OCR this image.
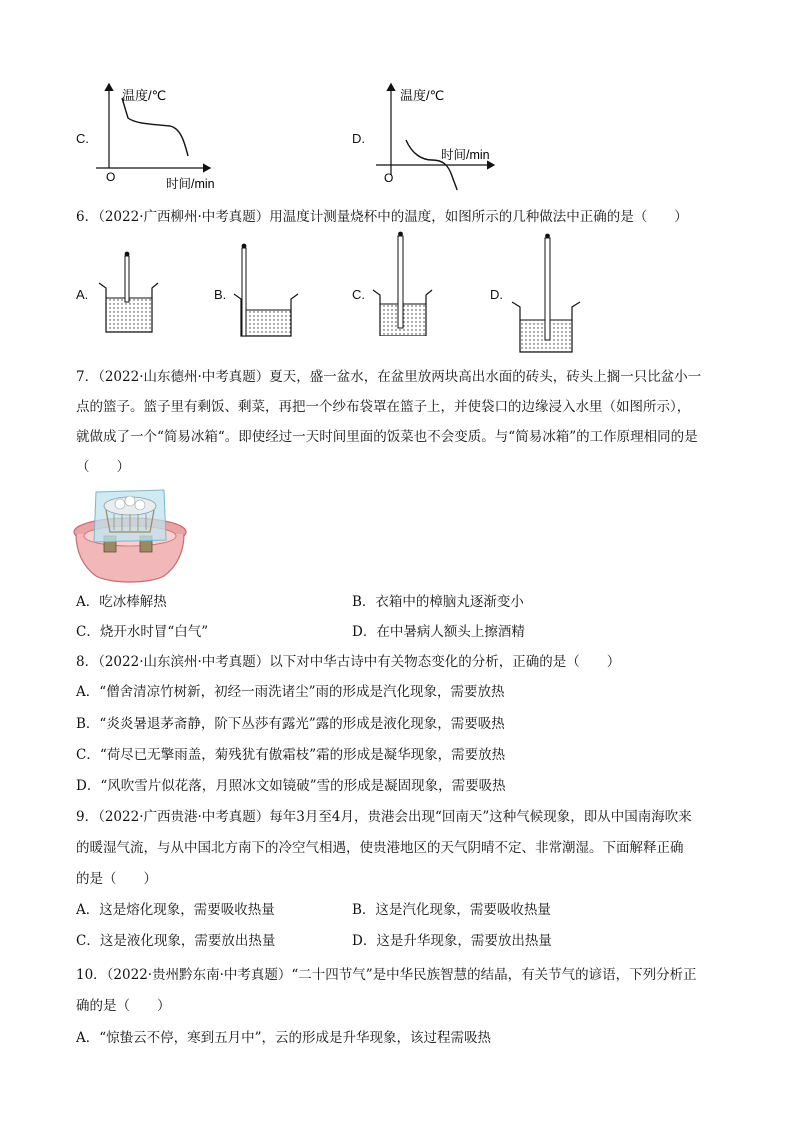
C.
温度/℃
O	时间/min
D.
温度/℃
O
时间/min
6．（2022·广西柳州·中考真题）用温度计测量烧杯中的温度，如图所示的几种做法中正确的是（　　）
A.	B.	C.	D.
7．（2022·山东德州·中考真题）夏天，盛一盆水，在盆里放两块高出水面的砖头，砖头上搁一只比盆小一
点的篮子。篮子里有剩饭、剩菜，再把一个纱布袋罩在篮子上，并使袋口的边缘浸入水里（如图所示），
就做成了一个“简易冰箱“。即使经过一天时间里面的饭菜也不会变质。与“简易冰箱”的工作原理相同的是
（　　）
A．吃冰棒解热	B．衣箱中的樟脑丸逐渐变小
C．烧开水时冒“白气”	D．在中暑病人额头上擦酒精
8．（2022·山东滨州·中考真题）以下对中华古诗中有关物态变化的分析，正确的是（　　）
A．“僧舍清凉竹树新，初经一雨洗诸尘”雨的形成是汽化现象，需要放热
B．“炎炎暑退茅斋静，阶下丛莎有露光”露的形成是液化现象，需要吸热
C．“荷尽已无擎雨盖，菊残犹有傲霜枝”霜的形成是凝华现象，需要放热
D．“风吹雪片似花落，月照冰文如镜破”雪的形成是凝固现象，需要吸热
9．（2022·广西贵港·中考真题）每年3月至4月，贵港会出现“回南天”这种气候现象，即从中国南海吹来
的暖湿气流，与从中国北方南下的冷空气相遇，使贵港地区的天气阴晴不定、非常潮湿。下面解释正确
的是（　　）
A．这是熔化现象，需要吸收热量	B．这是汽化现象，需要吸收热量
C．这是液化现象，需要放出热量	D．这是升华现象，需要放出热量
10．（2022·贵州黔东南·中考真题）“二十四节气”是中华民族智慧的结晶，有关节气的谚语，下列分析正
确的是（　　）
A．“惊蛰云不停，寒到五月中”，云的形成是升华现象，该过程需吸热
